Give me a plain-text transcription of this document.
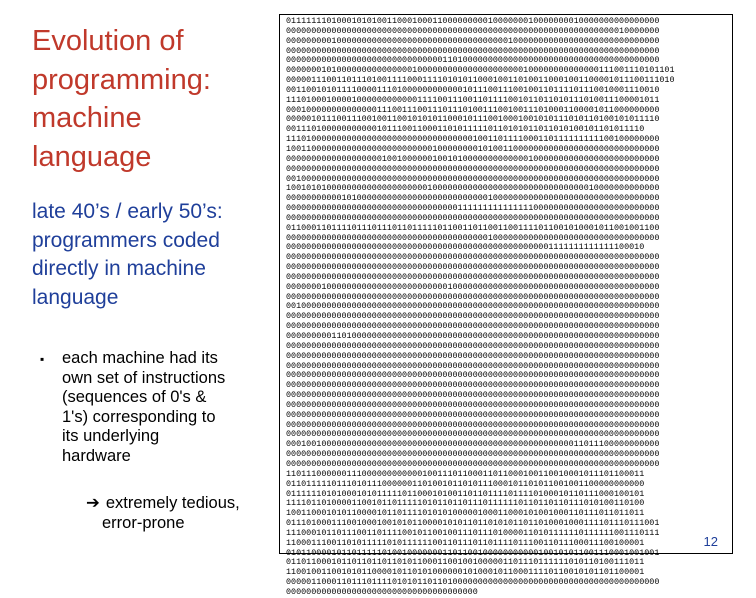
Evolution of
programming:
machine
language
late 40’s / early 50’s:
programmers coded
directly in machine
language
▪ each machine had its
own set of instructions
(sequences of 0's &
1's) corresponding to
its underlying
hardware
➔ extremely tedious,
error-prone
01111111010001010100110001000110000000001000000010000000010000000000000000
00000000000000000000000000000000000000000000000000000000000000000010000000
00000000010000000000000000000000000000000000100000000000000000000000000000
00000000000000000000000000000000000000000000000000000000000000000000000000
00000000000000000000000000000001101000000000000000000000000000000000000000
00000001010000000000000001000000000000000000000100000000000000111001110101101
00000111001101110100111100011110101011000100110100110001001100001011100111010
00110010101111000011101000000000000101110011100100110111101110010001110010
11101000100001000000000000111100111001101111001011011010111010011100001011
00010000000000000011100111001110111010011100100111010001100001011000000000
00000101110011100100110010101011000101110010001001010111010110100101011110
00111010000000000010111001100011010111110110101011011010100101101011110
11101000000000000000000000000000000001001101111000110111111111100100000000
10011000000000000000000000000100000000101001100000000000000000000000000000
00000000000000000001001000000100101000000000000010000000000000000000000000
00000000000000000000000000000000000000000000000000000000000000000000000000
00100000000000000000000000000000000000000000000000000000000000000000000000
10010101000000000000000000001000000000000000000000000000000010000000000000
00000000000101000000000000000000000000001000000000000000000000000000000000
00000000000000000000000000000000001111111111111110000000000000000000000000
00000000000000000000000000000000000000000000000000000000000000000000000000
01100011011110111011101101111101100110110011001111011001010001011001001100
00000000000000000000000000000000000000001000000000000000000000000000000000
00000000000000000000000000000000000000000000000000001111111111111100010
00000000000000000000000000000000000000000000000000000000000000000000000000
00000000000000000000000000000000000000000000000000000000000000000000000000
00000000000000000000000000000000000000000000000000000000000000000000000000
00000001000000000000000000000000100000000000000000000000000000000000000000
00000000000000000000000000000000000000000000000000000000000000000000000000
00100000000000000000000000000000000000000000000000000000000000000000000000
00000000000000000000000000000000000000000000000000000000000000000000000000
00000000000000000000000000000000000000000000000000000000000000000000000000
00000000011010000000000000000000000000000000000000000000000000000000000000
00000000000000000000000000000000000000000000000000000000000000000000000000
00000000000000000000000000000000000000000000000000000000000000000000000000
00000000000000000000000000000000000000000000000000000000000000000000000000
00000000000000000000000000000000000000000000000000000000000000000000000000
00000000000000000000000000000000000000000000000000000000000000000000000000
00000000000000000000000000000000000000000000000000000000000000000000000000
00000000000000000000000000000000000000000000000000000000000000000000000000
00000000000000000000000000000000000000000000000000000000000000000000000000
00000000000000000000000000000000000000000000000000000000000000000000000000
00000000000000000000000000000000000000000000000000000000000000000000000000
00010010000000000000000000000000000000000000000000000000011011100000000000
00000000000000000000000000000000000000000000000000000000000000000000000000
00000000000000000000000000000000000000000000000000000000000000000000000000
11011100000011100000000000010011101100011011000100110010001011101100011
01101111101110101110000001101001011010111000101101011001001100000000000
01111110101000101011111011000101001101101111011110100010110111000100101
11110110100001100101101111101011011011101111110110110110111010100110100
10011000101011000010110111101010100000100011000101001000110111011011011
01110100011100100010010101100001010110110101011011010001000111101110111001
11100010110111001101111001011001001110111010000110101111110111111001110111
11000111001101011111010111111001101110110111101110011011100011100100001
01011000010110111110100100000001101100100000000000100101011001110001001001
01101100010110110110110101100011001001000001101110111111010110100111011
11001001100101011000010110101000000101000101100011110110010101101100001
00000110001101110111101010110110100000000000000000000000000000000000000000
00000000000000000000000000000000000000
12
